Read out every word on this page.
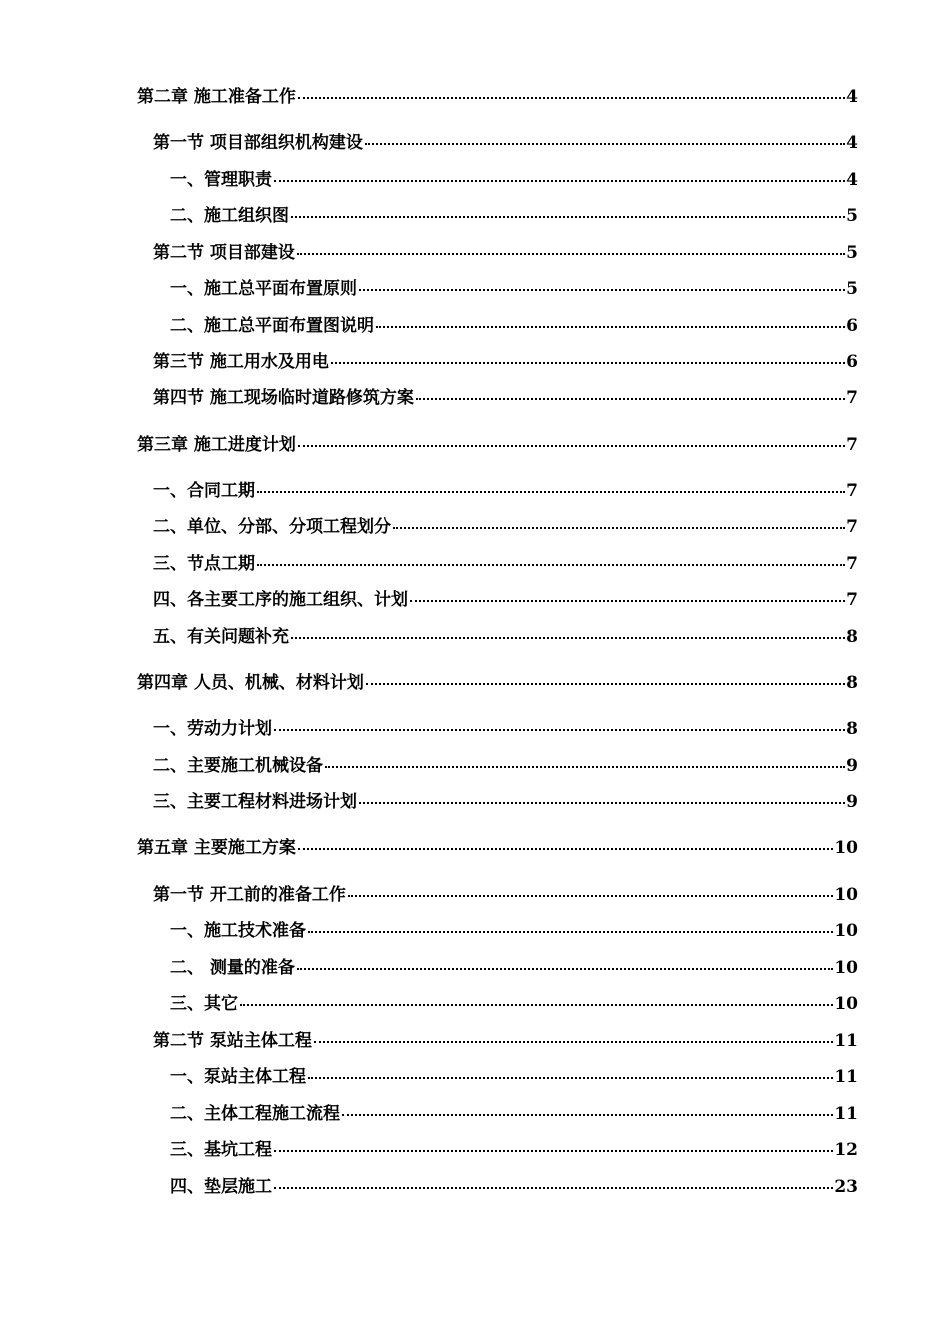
第二章 施工准备工作	4
第一节 项目部组织机构建设	4
一、管理职责	4
二、施工组织图	5
第二节 项目部建设	5
一、施工总平面布置原则	5
二、施工总平面布置图说明	6
第三节 施工用水及用电	6
第四节 施工现场临时道路修筑方案	7
第三章 施工进度计划	7
一、合同工期	7
二、单位、分部、分项工程划分	7
三、节点工期	7
四、各主要工序的施工组织、计划	7
五、有关问题补充	8
第四章 人员、机械、材料计划	8
一、劳动力计划	8
二、主要施工机械设备	9
三、主要工程材料进场计划	9
第五章 主要施工方案	10
第一节 开工前的准备工作	10
一、施工技术准备	10
二、 测量的准备	10
三、其它	10
第二节 泵站主体工程	11
一、泵站主体工程	11
二、主体工程施工流程	11
三、基坑工程	12
四、垫层施工	23
